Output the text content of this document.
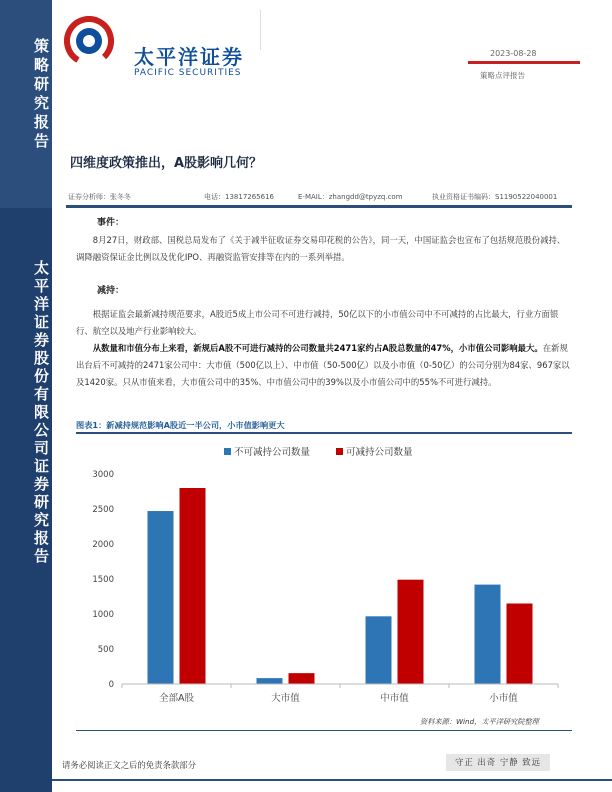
策略研究报告
太平洋证券股份有限公司证券研究报告
太平洋证券
PACIFIC SECURITIES
2023-08-28
策略点评报告
四维度政策推出，A股影响几何？
证券分析师：张冬冬	电话：13817265616	E-MAIL：zhangdd@tpyzq.com	执业资格证书编码：S1190522040001
事件：

8月27日，财政部、国税总局发布了《关于减半征收证券交易印花税的公告》，同一天，中国证监会也宣布了包括规范股份减持、调降融资保证金比例以及优化IPO、再融资监管安排等在内的一系列举措。

减持：

根据证监会最新减持规范要求，A股近5成上市公司不可进行减持，50亿以下的小市值公司中不可减持的占比最大，行业方面银行、航空以及地产行业影响较大。

从数量和市值分布上来看，新规后A股不可进行减持的公司数量共2471家约占A股总数量的47%，小市值公司影响最大。在新规出台后不可减持的2471家公司中：大市值（500亿以上）、中市值（50-500亿）以及小市值（0-50亿）的公司分别为84家、967家以及1420家。只从市值来看，大市值公司中的35%、中市值公司中的39%以及小市值公司中的55%不可进行减持。

图表1：新减持规范影响A股近一半公司，小市值影响更大
不可减持公司数量	可减持公司数量
0
500
1000
1500
2000
2500
3000
全部A股	大市值	中市值	小市值
资料来源：Wind，太平洋研究院整理
请务必阅读正文之后的免责条款部分	守正 出奇 宁静 致远
